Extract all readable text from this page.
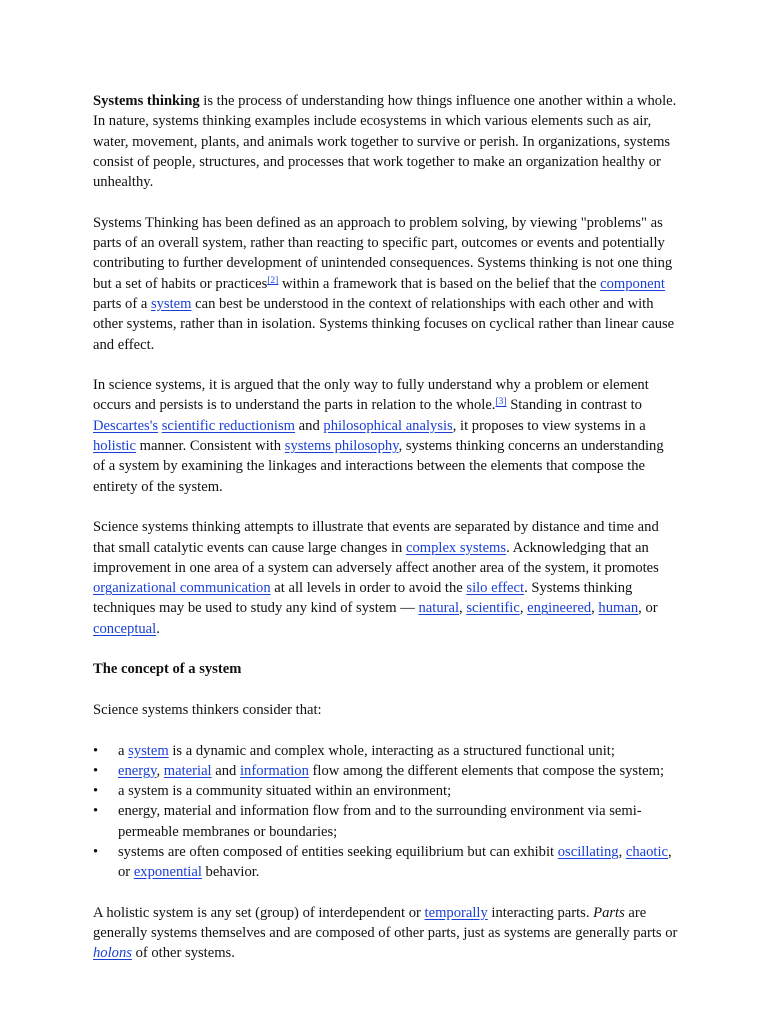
Systems thinking is the process of understanding how things influence one another within a whole. In nature, systems thinking examples include ecosystems in which various elements such as air, water, movement, plants, and animals work together to survive or perish. In organizations, systems consist of people, structures, and processes that work together to make an organization healthy or unhealthy.

Systems Thinking has been defined as an approach to problem solving, by viewing "problems" as parts of an overall system, rather than reacting to specific part, outcomes or events and potentially contributing to further development of unintended consequences. Systems thinking is not one thing but a set of habits or practices[2] within a framework that is based on the belief that the component parts of a system can best be understood in the context of relationships with each other and with other systems, rather than in isolation. Systems thinking focuses on cyclical rather than linear cause and effect.

In science systems, it is argued that the only way to fully understand why a problem or element occurs and persists is to understand the parts in relation to the whole.[3] Standing in contrast to Descartes's scientific reductionism and philosophical analysis, it proposes to view systems in a holistic manner. Consistent with systems philosophy, systems thinking concerns an understanding of a system by examining the linkages and interactions between the elements that compose the entirety of the system.

Science systems thinking attempts to illustrate that events are separated by distance and time and that small catalytic events can cause large changes in complex systems. Acknowledging that an improvement in one area of a system can adversely affect another area of the system, it promotes organizational communication at all levels in order to avoid the silo effect. Systems thinking techniques may be used to study any kind of system — natural, scientific, engineered, human, or conceptual.

The concept of a system

Science systems thinkers consider that:

•	a system is a dynamic and complex whole, interacting as a structured functional unit;
•	energy, material and information flow among the different elements that compose the system;
•	a system is a community situated within an environment;
•	energy, material and information flow from and to the surrounding environment via semi-permeable membranes or boundaries;
•	systems are often composed of entities seeking equilibrium but can exhibit oscillating, chaotic, or exponential behavior.

A holistic system is any set (group) of interdependent or temporally interacting parts. Parts are generally systems themselves and are composed of other parts, just as systems are generally parts or holons of other systems.
